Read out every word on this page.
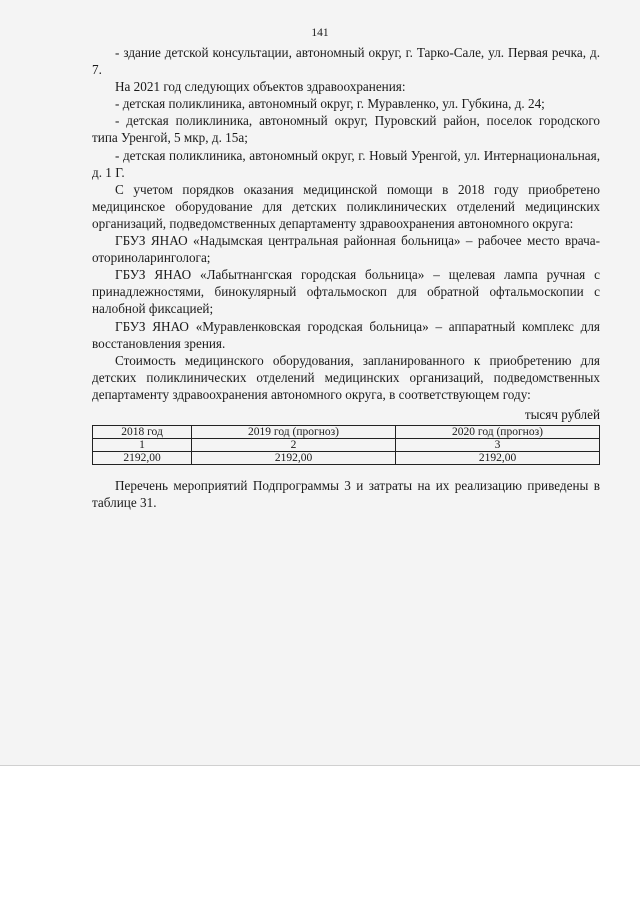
141

- здание детской консультации, автономный округ, г. Тарко-Сале, ул. Первая речка, д. 7.

На 2021 год следующих объектов здравоохранения:

- детская поликлиника, автономный округ, г. Муравленко, ул. Губкина, д. 24;

- детская поликлиника, автономный округ, Пуровский район, поселок городского типа Уренгой, 5 мкр, д. 15а;

- детская поликлиника, автономный округ, г. Новый Уренгой, ул. Интернациональная, д. 1 Г.

С учетом порядков оказания медицинской помощи в 2018 году приобретено медицинское оборудование для детских поликлинических отделений медицинских организаций, подведомственных департаменту здравоохранения автономного округа:

ГБУЗ ЯНАО «Надымская центральная районная больница» – рабочее место врача-оториноларинголога;

ГБУЗ ЯНАО «Лабытнангская городская больница» – щелевая лампа ручная с принадлежностями, бинокулярный офтальмоскоп для обратной офтальмоскопии с налобной фиксацией;

ГБУЗ ЯНАО «Муравленковская городская больница» – аппаратный комплекс для восстановления зрения.

Стоимость медицинского оборудования, запланированного к приобретению для детских поликлинических отделений медицинских организаций, подведомственных департаменту здравоохранения автономного округа, в соответствующем году:

тысяч рублей

2018 год	2019 год (прогноз)	2020 год (прогноз)
1	2	3
2192,00	2192,00	2192,00

Перечень мероприятий Подпрограммы 3 и затраты на их реализацию приведены в таблице 31.
